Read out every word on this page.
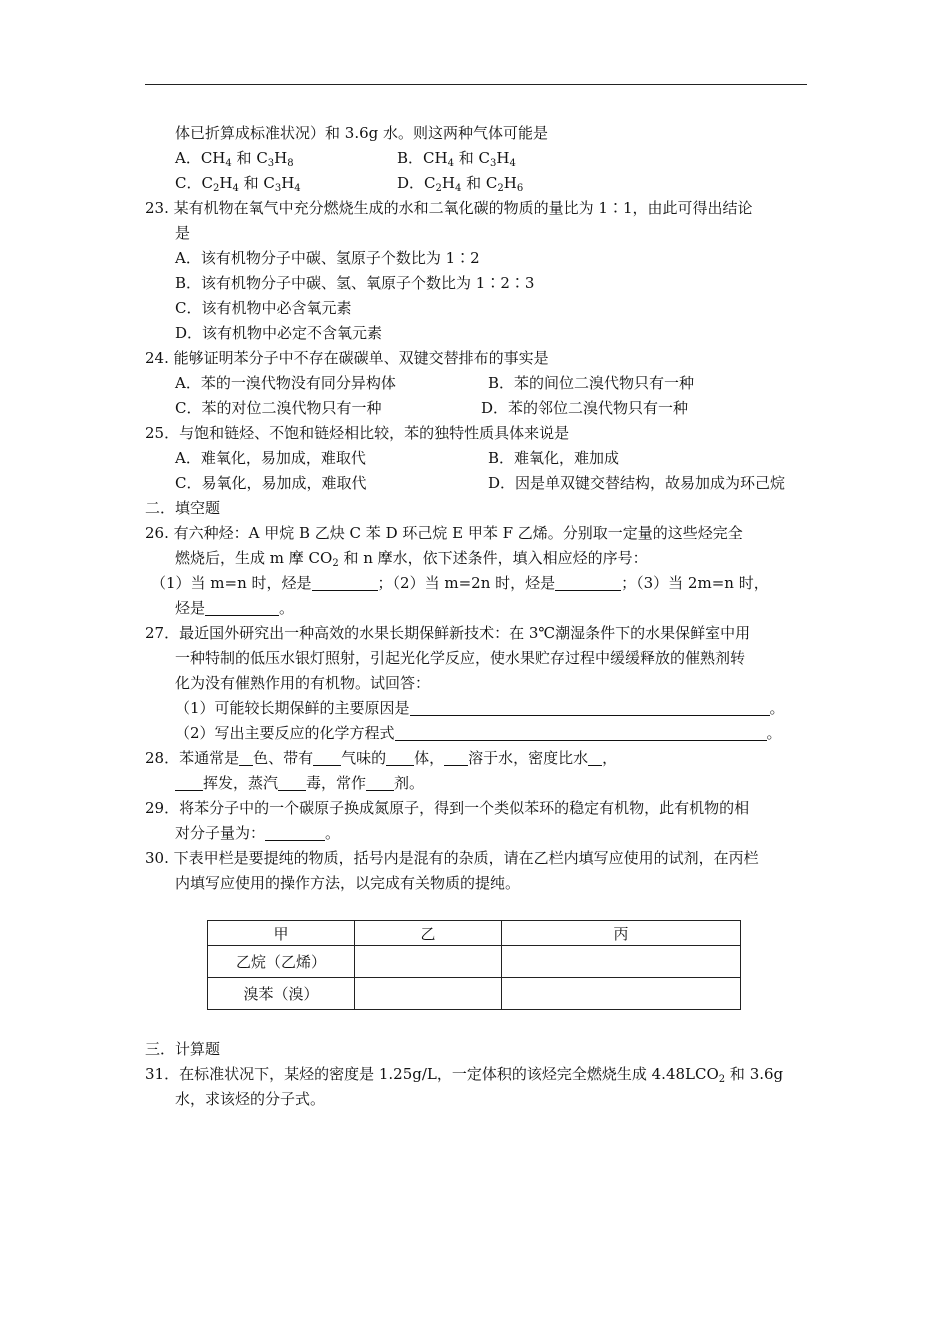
体已折算成标准状况）和 3.6g 水。则这两种气体可能是
A．$CH_4$ 和 $C_3H_8$	B．$CH_4$ 和 $C_3H_4$
C．$C_2H_4$ 和 $C_3H_4$	D．$C_2H_4$ 和 $C_2H_6$
23. 某有机物在氧气中充分燃烧生成的水和二氧化碳的物质的量比为 1∶1，由此可得出结论
是
A．该有机物分子中碳、氢原子个数比为 1∶2
B．该有机物分子中碳、氢、氧原子个数比为 1∶2∶3
C．该有机物中必含氧元素
D．该有机物中必定不含氧元素
24. 能够证明苯分子中不存在碳碳单、双键交替排布的事实是
A．苯的一溴代物没有同分异构体	B．苯的间位二溴代物只有一种
C．苯的对位二溴代物只有一种	D．苯的邻位二溴代物只有一种
25．与饱和链烃、不饱和链烃相比较，苯的独特性质具体来说是
A．难氧化，易加成，难取代	B．难氧化，难加成
C．易氧化，易加成，难取代	D．因是单双键交替结构，故易加成为环己烷
二．填空题
26. 有六种烃：A 甲烷 B 乙炔 C 苯 D 环己烷 E 甲苯 F 乙烯。分别取一定量的这些烃完全
燃烧后，生成 m 摩 $CO_2$ 和 n 摩水，依下述条件，填入相应烃的序号：
（1）当 m=n 时，烃是	；（2）当 m=2n 时，烃是	；（3）当 2m=n 时，
烃是	。
27．最近国外研究出一种高效的水果长期保鲜新技术：在 3℃潮湿条件下的水果保鲜室中用
一种特制的低压水银灯照射，引起光化学反应，使水果贮存过程中缓缓释放的催熟剂转
化为没有催熟作用的有机物。试回答：
（1）可能较长期保鲜的主要原因是	。
（2）写出主要反应的化学方程式	。
28．苯通常是 色、带有 气味的 体， 溶于水，密度比水 ，
挥发，蒸汽 毒，常作 剂。
29．将苯分子中的一个碳原子换成氮原子，得到一个类似苯环的稳定有机物，此有机物的相
对分子量为：	。
30. 下表甲栏是要提纯的物质，括号内是混有的杂质，请在乙栏内填写应使用的试剂，在丙栏
内填写应使用的操作方法，以完成有关物质的提纯。
甲	乙	丙
乙烷（乙烯）		
溴苯（溴）		
三．计算题
31．在标准状况下，某烃的密度是 1.25g/L，一定体积的该烃完全燃烧生成 $4.48LCO_2$ 和 3.6g
水，求该烃的分子式。
